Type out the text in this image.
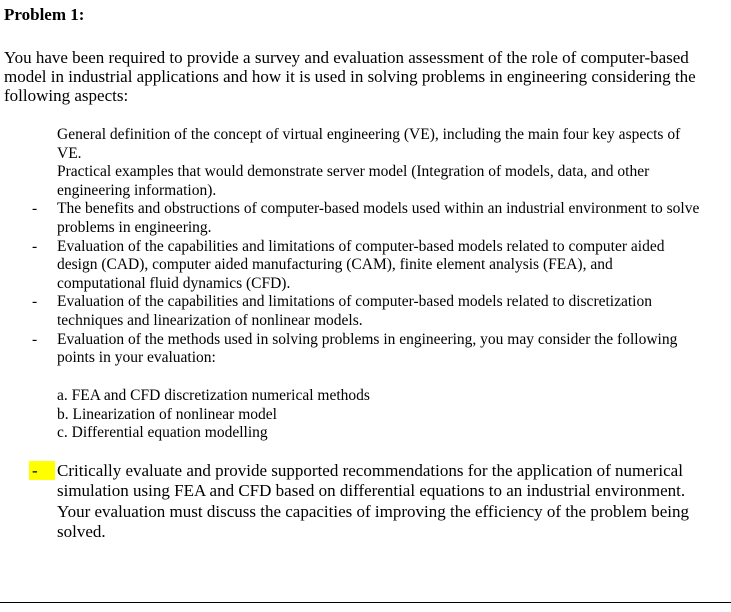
Problem 1:
You have been required to provide a survey and evaluation assessment of the role of computer-based
model in industrial applications and how it is used in solving problems in engineering considering the
following aspects:
General definition of the concept of virtual engineering (VE), including the main four key aspects of
VE.
Practical examples that would demonstrate server model (Integration of models, data, and other
engineering information).
- The benefits and obstructions of computer-based models used within an industrial environment to solve
problems in engineering.
- Evaluation of the capabilities and limitations of computer-based models related to computer aided
design (CAD), computer aided manufacturing (CAM), finite element analysis (FEA), and
computational fluid dynamics (CFD).
- Evaluation of the capabilities and limitations of computer-based models related to discretization
techniques and linearization of nonlinear models.
- Evaluation of the methods used in solving problems in engineering, you may consider the following
points in your evaluation:
a. FEA and CFD discretization numerical methods
b. Linearization of nonlinear model
c. Differential equation modelling
-	Critically evaluate and provide supported recommendations for the application of numerical
simulation using FEA and CFD based on differential equations to an industrial environment.
Your evaluation must discuss the capacities of improving the efficiency of the problem being
solved.
